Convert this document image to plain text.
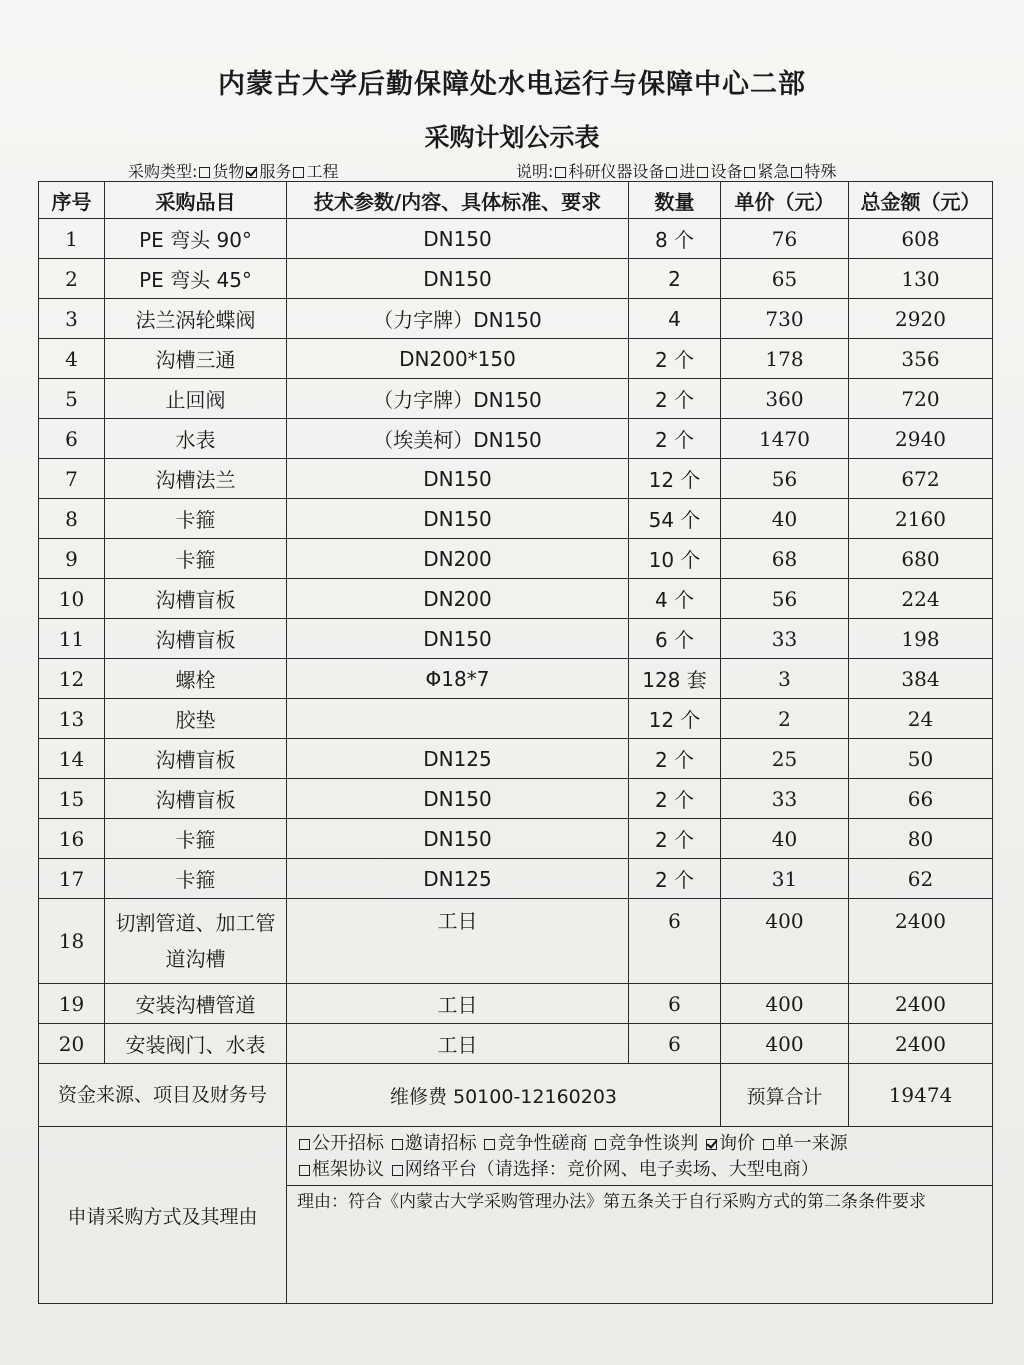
内蒙古大学后勤保障处水电运行与保障中心二部
采购计划公示表
采购类型: 货物 服务 工程	说明: 科研仪器设备 进 设备 紧急 特殊
序号	采购品目	技术参数/内容、具体标准、要求	数量	单价（元）	总金额（元）
1	PE 弯头 90°	DN150	8 个	76	608
2	PE 弯头 45°	DN150	2	65	130
3	法兰涡轮蝶阀	（力字牌）DN150	4	730	2920
4	沟槽三通	DN200*150	2 个	178	356
5	止回阀	（力字牌）DN150	2 个	360	720
6	水表	（埃美柯）DN150	2 个	1470	2940
7	沟槽法兰	DN150	12 个	56	672
8	卡箍	DN150	54 个	40	2160
9	卡箍	DN200	10 个	68	680
10	沟槽盲板	DN200	4 个	56	224
11	沟槽盲板	DN150	6 个	33	198
12	螺栓	Φ18*7	128 套	3	384
13	胶垫		12 个	2	24
14	沟槽盲板	DN125	2 个	25	50
15	沟槽盲板	DN150	2 个	33	66
16	卡箍	DN150	2 个	40	80
17	卡箍	DN125	2 个	31	62
18	切割管道、加工管道沟槽	工日	6	400	2400
19	安装沟槽管道	工日	6	400	2400
20	安装阀门、水表	工日	6	400	2400
资金来源、项目及财务号		维修费 50100-12160203		预算合计	19474
申请采购方式及其理由		公开招标 邀请招标 竞争性磋商 竞争性谈判 询价 单一来源
框架协议 网络平台（请选择：竞价网、电子卖场、大型电商）
理由：符合《内蒙古大学采购管理办法》第五条关于自行采购方式的第二条条件要求			
